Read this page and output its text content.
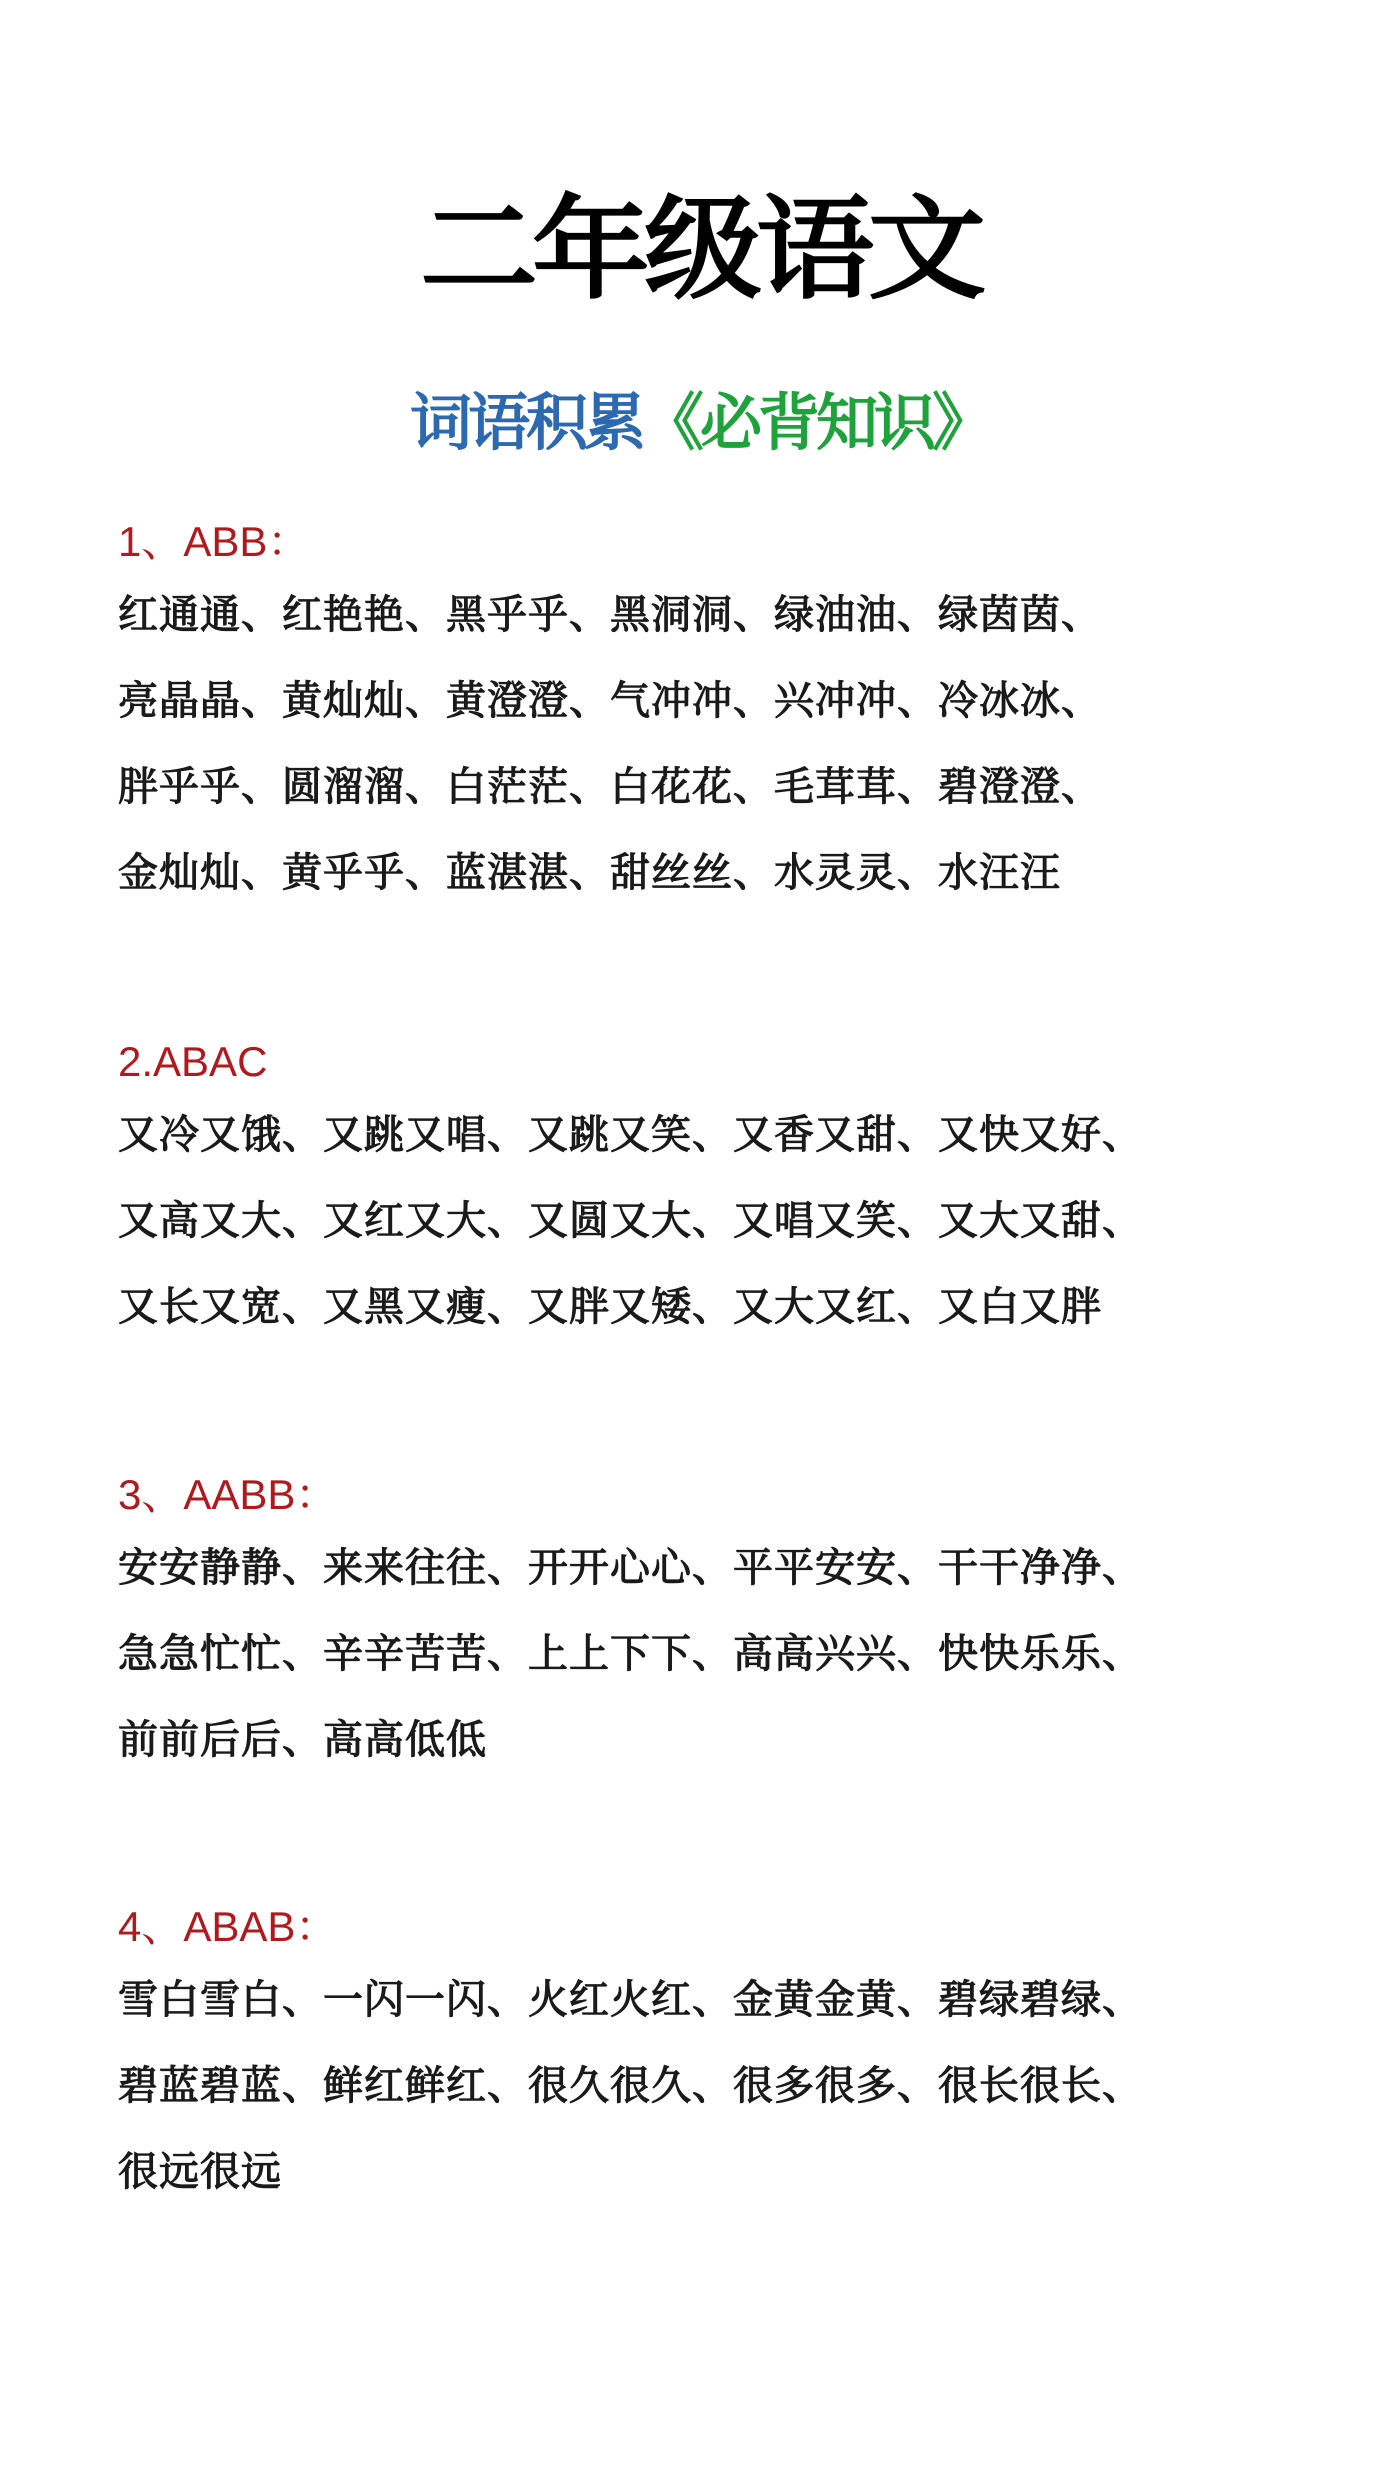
二年级语文
词语积累《必背知识》
1、ABB：

红通通、红艳艳、黑乎乎、黑洞洞、绿油油、绿茵茵、

亮晶晶、黄灿灿、黄澄澄、气冲冲、兴冲冲、冷冰冰、

胖乎乎、圆溜溜、白茫茫、白花花、毛茸茸、碧澄澄、

金灿灿、黄乎乎、蓝湛湛、甜丝丝、水灵灵、水汪汪

2.ABAC

又冷又饿、又跳又唱、又跳又笑、又香又甜、又快又好、

又高又大、又红又大、又圆又大、又唱又笑、又大又甜、

又长又宽、又黑又瘦、又胖又矮、又大又红、又白又胖

3、AABB：

安安静静、来来往往、开开心心、平平安安、干干净净、

急急忙忙、辛辛苦苦、上上下下、高高兴兴、快快乐乐、

前前后后、高高低低

4、ABAB：

雪白雪白、一闪一闪、火红火红、金黄金黄、碧绿碧绿、

碧蓝碧蓝、鲜红鲜红、很久很久、很多很多、很长很长、

很远很远
